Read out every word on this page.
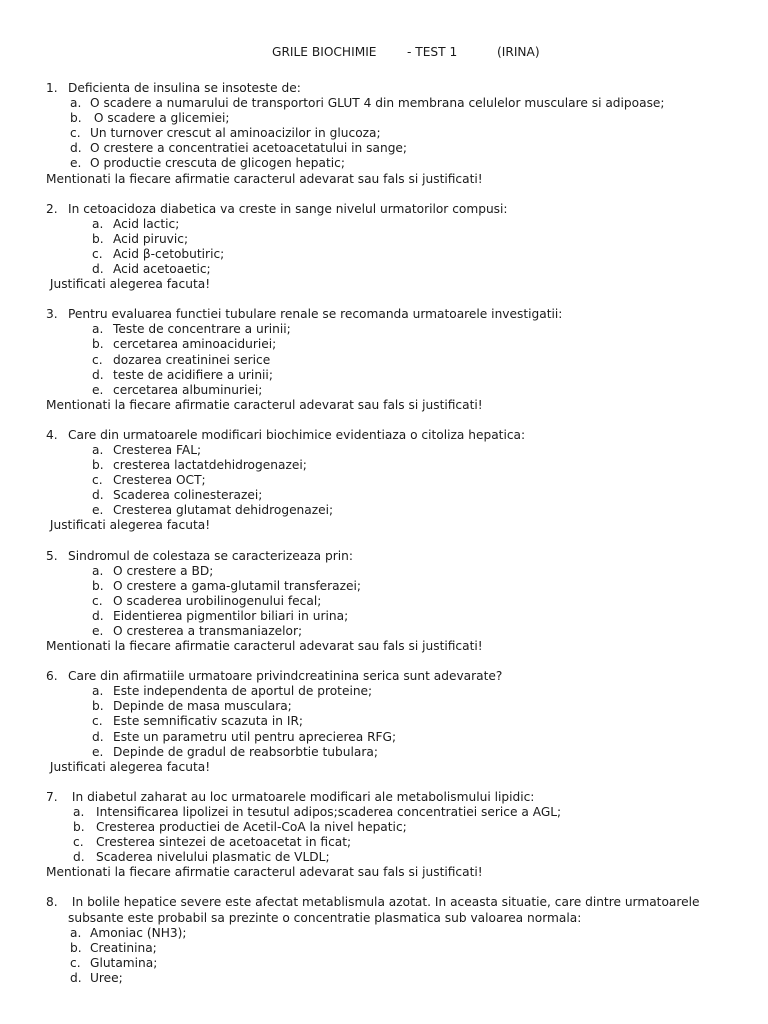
GRILE BIOCHIMIE	- TEST 1	(IRINA)
1. Deficienta de insulina se insoteste de:
a. O scadere a numarului de transportori GLUT 4 din membrana celulelor musculare si adipoase;
b. O scadere a glicemiei;
c. Un turnover crescut al aminoacizilor in glucoza;
d. O crestere a concentratiei acetoacetatului in sange;
e. O productie crescuta de glicogen hepatic;
Mentionati la fiecare afirmatie caracterul adevarat sau fals si justificati!
2. In cetoacidoza diabetica va creste in sange nivelul urmatorilor compusi:
a. Acid lactic;
b. Acid piruvic;
c. Acid β-cetobutiric;
d. Acid acetoaetic;
Justificati alegerea facuta!
3. Pentru evaluarea functiei tubulare renale se recomanda urmatoarele investigatii:
a. Teste de concentrare a urinii;
b. cercetarea aminoaciduriei;
c. dozarea creatininei serice
d. teste de acidifiere a urinii;
e. cercetarea albuminuriei;
Mentionati la fiecare afirmatie caracterul adevarat sau fals si justificati!
4. Care din urmatoarele modificari biochimice evidentiaza o citoliza hepatica:
a. Cresterea FAL;
b. cresterea lactatdehidrogenazei;
c. Cresterea OCT;
d. Scaderea colinesterazei;
e. Cresterea glutamat dehidrogenazei;
Justificati alegerea facuta!
5. Sindromul de colestaza se caracterizeaza prin:
a. O crestere a BD;
b. O crestere a gama-glutamil transferazei;
c. O scaderea urobilinogenului fecal;
d. Eidentierea pigmentilor biliari in urina;
e. O cresterea a transmaniazelor;
Mentionati la fiecare afirmatie caracterul adevarat sau fals si justificati!
6. Care din afirmatiile urmatoare privindcreatinina serica sunt adevarate?
a. Este independenta de aportul de proteine;
b. Depinde de masa musculara;
c. Este semnificativ scazuta in IR;
d. Este un parametru util pentru aprecierea RFG;
e. Depinde de gradul de reabsorbtie tubulara;
Justificati alegerea facuta!
7. In diabetul zaharat au loc urmatoarele modificari ale metabolismului lipidic:
a. Intensificarea lipolizei in tesutul adipos;scaderea concentratiei serice a AGL;
b. Cresterea productiei de Acetil-CoA la nivel hepatic;
c. Cresterea sintezei de acetoacetat in ficat;
d. Scaderea nivelului plasmatic de VLDL;
Mentionati la fiecare afirmatie caracterul adevarat sau fals si justificati!
8. In bolile hepatice severe este afectat metablismula azotat. In aceasta situatie, care dintre urmatoarele
subsante este probabil sa prezinte o concentratie plasmatica sub valoarea normala:
a. Amoniac (NH3);
b. Creatinina;
c. Glutamina;
d. Uree;
